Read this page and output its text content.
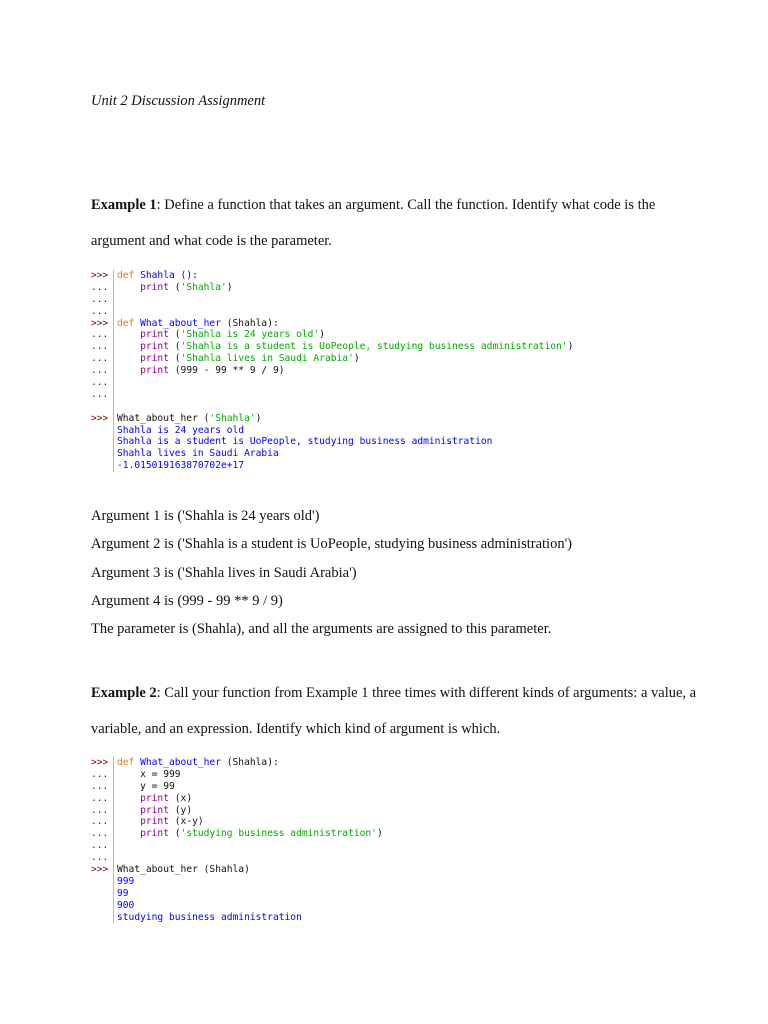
Unit 2 Discussion Assignment
Example 1: Define a function that takes an argument. Call the function. Identify what code is the argument and what code is the parameter.
>>> def Shahla ():
...	print ('Shahla')
...
...
>>> def What_about_her (Shahla):
...	print ('Shahla is 24 years old')
...	print ('Shahla is a student is UoPeople, studying business administration')
...	print ('Shahla lives in Saudi Arabia')
...	print (999 - 99 ** 9 / 9)
...
...
>>> What_about_her ('Shahla')
Shahla is 24 years old
Shahla is a student is UoPeople, studying business administration
Shahla lives in Saudi Arabia
-1.015019163870702e+17
Argument 1 is ('Shahla is 24 years old')
Argument 2 is ('Shahla is a student is UoPeople, studying business administration')
Argument 3 is ('Shahla lives in Saudi Arabia')
Argument 4 is (999 - 99 ** 9 / 9)
The parameter is (Shahla), and all the arguments are assigned to this parameter.
Example 2: Call your function from Example 1 three times with different kinds of arguments: a value, a variable, and an expression. Identify which kind of argument is which.
>>> def What_about_her (Shahla):
... x = 999
... y = 99
...	print (x)
...	print (y)
...	print (x-y)
...	print ('studying business administration')
...
...
>>> What_about_her (Shahla)
999
99
900
studying business administration
